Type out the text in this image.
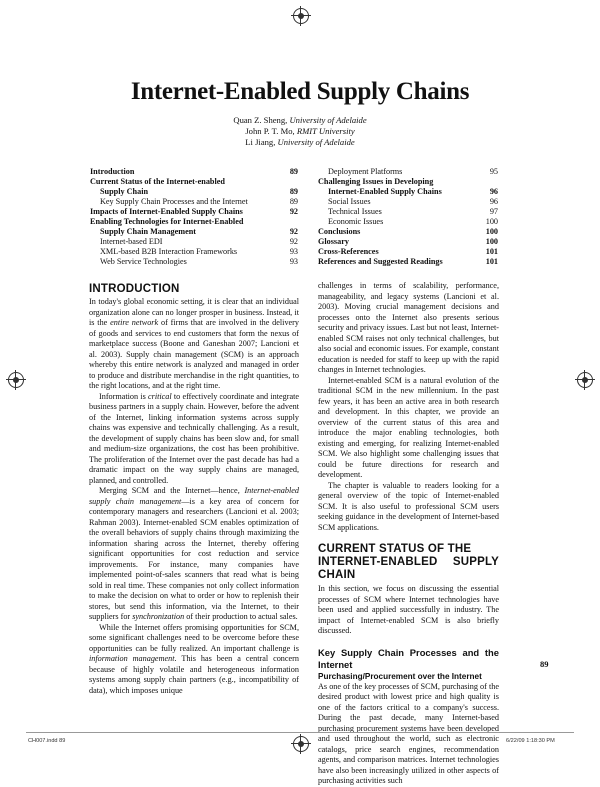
Internet-Enabled Supply Chains
Quan Z. Sheng, University of Adelaide
John P. T. Mo, RMIT University
Li Jiang, University of Adelaide
Introduction	89
Current Status of the Internet-enabled
Supply Chain	89
Key Supply Chain Processes and the Internet	89
Impacts of Internet-Enabled Supply Chains	92
Enabling Technologies for Internet-Enabled
Supply Chain Management	92
Internet-based EDI	92
XML-based B2B Interaction Frameworks	93
Web Service Technologies	93
Deployment Platforms	95
Challenging Issues in Developing
Internet-Enabled Supply Chains	96
Social Issues	96
Technical Issues	97
Economic Issues	100
Conclusions	100
Glossary	100
Cross-References	101
References and Suggested Readings	101
INTRODUCTION

In today's global economic setting, it is clear that an individual organization alone can no longer prosper in business. Instead, it is the entire network of firms that are involved in the delivery of goods and services to end customers that form the nexus of marketplace success (Boone and Ganeshan 2007; Lancioni et al. 2003). Supply chain management (SCM) is an approach whereby this entire network is analyzed and managed in order to produce and distribute merchandise in the right quantities, to the right locations, and at the right time.

Information is critical to effectively coordinate and integrate business partners in a supply chain. However, before the advent of the Internet, linking information systems across supply chains was expensive and technically challenging. As a result, the development of supply chains has been slow and, for small and medium-size organizations, the cost has been prohibitive. The proliferation of the Internet over the past decade has had a dramatic impact on the way supply chains are managed, planned, and controlled.

Merging SCM and the Internet—hence, Internet-enabled supply chain management—is a key area of concern for contemporary managers and researchers (Lancioni et al. 2003; Rahman 2003). Internet-enabled SCM enables optimization of the overall behaviors of supply chains through maximizing the information sharing across the Internet, thereby offering significant opportunities for cost reduction and service improvements. For instance, many companies have implemented point-of-sales scanners that read what is being sold in real time. These companies not only collect information to make the decision on what to order or how to replenish their stores, but send this information, via the Internet, to their suppliers for synchronization of their production to actual sales.

While the Internet offers promising opportunities for SCM, some significant challenges need to be overcome before these opportunities can be fully realized. An important challenge is information management. This has been a central concern because of highly volatile and heterogeneous information systems among supply chain partners (e.g., incompatibility of data), which imposes unique

challenges in terms of scalability, performance, manageability, and legacy systems (Lancioni et al. 2003). Moving crucial management decisions and processes onto the Internet also presents serious security and privacy issues. Last but not least, Internet-enabled SCM raises not only technical challenges, but also social and economic issues. For example, constant education is needed for staff to keep up with the rapid changes in Internet technologies.

Internet-enabled SCM is a natural evolution of the traditional SCM in the new millennium. In the past few years, it has been an active area in both research and development. In this chapter, we provide an overview of the current status of this area and introduce the major enabling technologies, both existing and emerging, for realizing Internet-enabled SCM. We also highlight some challenging issues that could be future directions for research and development.

The chapter is valuable to readers looking for a general overview of the topic of Internet-enabled SCM. It is also useful to professional SCM users seeking guidance in the development of Internet-based SCM applications.

CURRENT STATUS OF THE
INTERNET-ENABLED SUPPLY CHAIN

In this section, we focus on discussing the essential processes of SCM where Internet technologies have been used and applied successfully in industry. The impact of Internet-enabled SCM is also briefly discussed.

Key Supply Chain Processes and the Internet
Purchasing/Procurement over the Internet

As one of the key processes of SCM, purchasing of the desired product with lowest price and high quality is one of the factors critical to a company's success. During the past decade, many Internet-based purchasing procurement systems have been developed and used throughout the world, such as electronic catalogs, price search engines, recommendation agents, and comparison matrices. Internet technologies have also been increasingly utilized in other aspects of purchasing activities such

89
CH007.indd 89	6/22/09 1:18:30 PM
